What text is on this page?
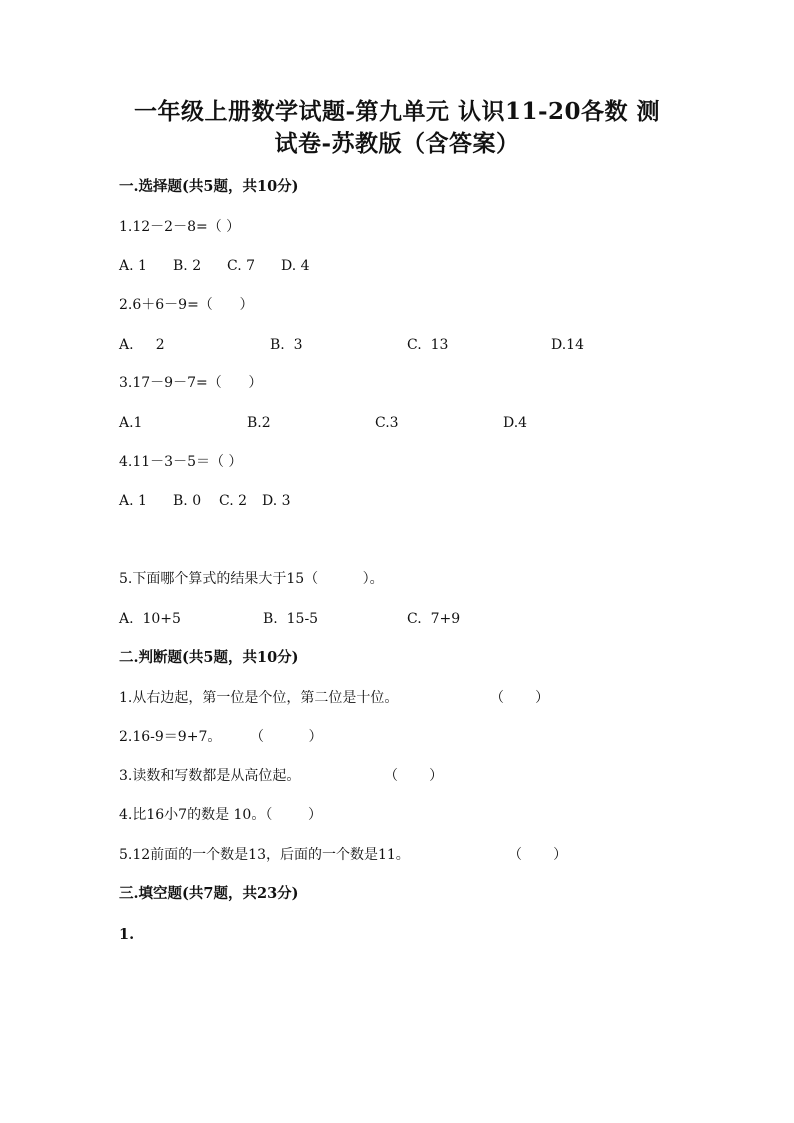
一年级上册数学试题-第九单元 认识11-20各数 测
试卷-苏教版（含答案）
一.选择题(共5题，共10分)
1.12－2－8=（ ）
A. 1 B. 2 C. 7 D. 4
2.6＋6－9=（      ）
A.     2	B.  3	C.  13	D.14
3.17－9－7=（      ）
A.1	B.2	C.3	D.4
4.11－3－5＝（ ）
A. 1 B. 0 C. 2 D. 3
5.下面哪个算式的结果大于15（          ）。
A.  10+5	B.  15-5	C.  7+9
二.判断题(共5题，共10分)
1.从右边起，第一位是个位，第二位是十位。	（       ）
2.16-9＝9+7。 （          ）
3.读数和写数都是从高位起。	（       ）
4.比16小7的数是 10。（        ）
5.12前面的一个数是13，后面的一个数是11。	（       ）
三.填空题(共7题，共23分)
1.
